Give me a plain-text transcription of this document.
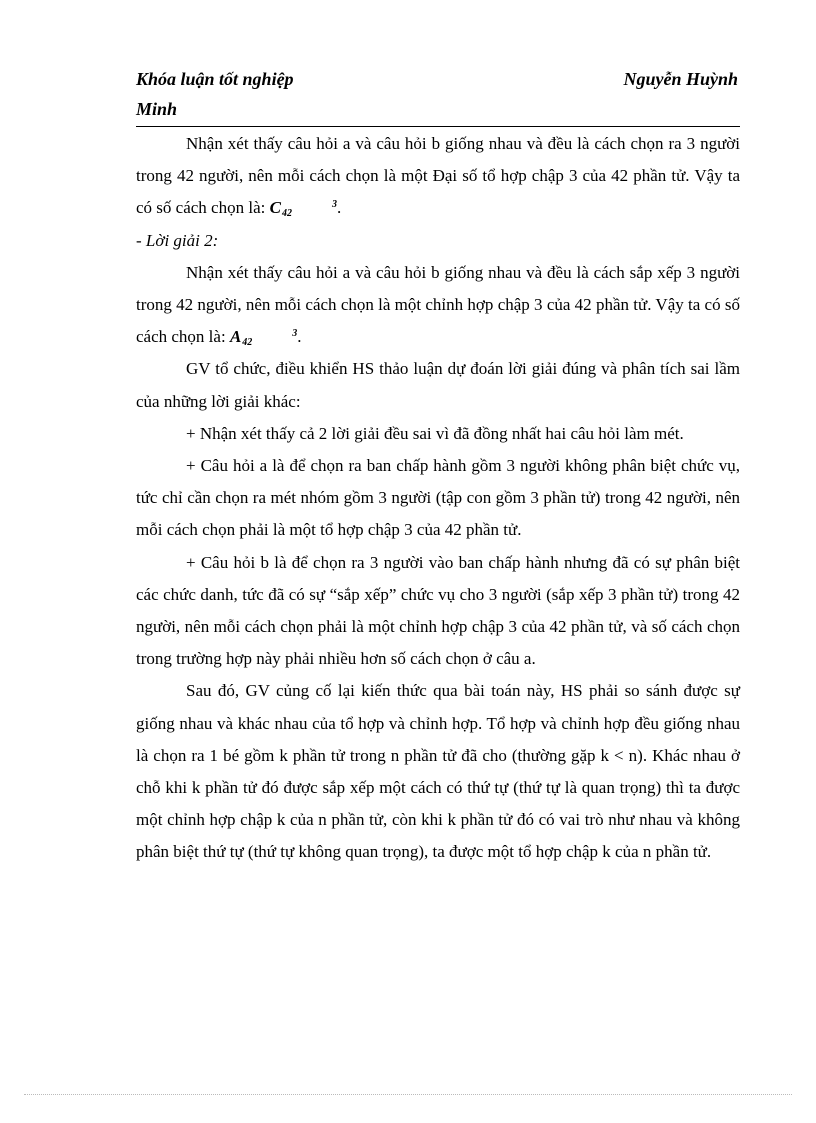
Khóa luận tốt nghiệp	Nguyễn Huỳnh
Minh

Nhận xét thấy câu hỏi a và câu hỏi b giống nhau và đều là cách chọn ra 3 người trong 42 người, nên mỗi cách chọn là một Đại số tổ hợp chập 3 của 42 phần tử. Vậy ta có số cách chọn là: C	3
42	.

- Lời giải 2:

Nhận xét thấy câu hỏi a và câu hỏi b giống nhau và đều là cách sắp xếp 3 người trong 42 người, nên mỗi cách chọn là một chỉnh hợp chập 3 của 42 phần tử. Vậy ta có số cách chọn là: A	3
42	.

GV tổ chức, điều khiển HS thảo luận dự đoán lời giải đúng và phân tích sai lầm của những lời giải khác:

+ Nhận xét thấy cả 2 lời giải đều sai vì đã đồng nhất hai câu hỏi làm mét.

+ Câu hỏi a là để chọn ra ban chấp hành gồm 3 người không phân biệt chức vụ, tức chỉ cần chọn ra mét nhóm gồm 3 người (tập con gồm 3 phần tử) trong 42 người, nên mỗi cách chọn phải là một tổ hợp chập 3 của 42 phần tử.

+ Câu hỏi b là để chọn ra 3 người vào ban chấp hành nhưng đã có sự phân biệt các chức danh, tức đã có sự “sắp xếp” chức vụ cho 3 người (sắp xếp 3 phần tử) trong 42 người, nên mỗi cách chọn phải là một chỉnh hợp chập 3 của 42 phần tử, và số cách chọn trong trường hợp này phải nhiều hơn số cách chọn ở câu a.

Sau đó, GV củng cố lại kiến thức qua bài toán này, HS phải so sánh được sự giống nhau và khác nhau của tổ hợp và chỉnh hợp. Tổ hợp và chỉnh hợp đều giống nhau là chọn ra 1 bé gồm k phần tử trong n phần tử đã cho (thường gặp k < n). Khác nhau ở chỗ khi k phần tử đó được sắp xếp một cách có thứ tự (thứ tự là quan trọng) thì ta được một chỉnh hợp chập k của n phần tử, còn khi k phần tử đó có vai trò như nhau và không phân biệt thứ tự (thứ tự không quan trọng), ta được một tổ hợp chập k của n phần tử.
